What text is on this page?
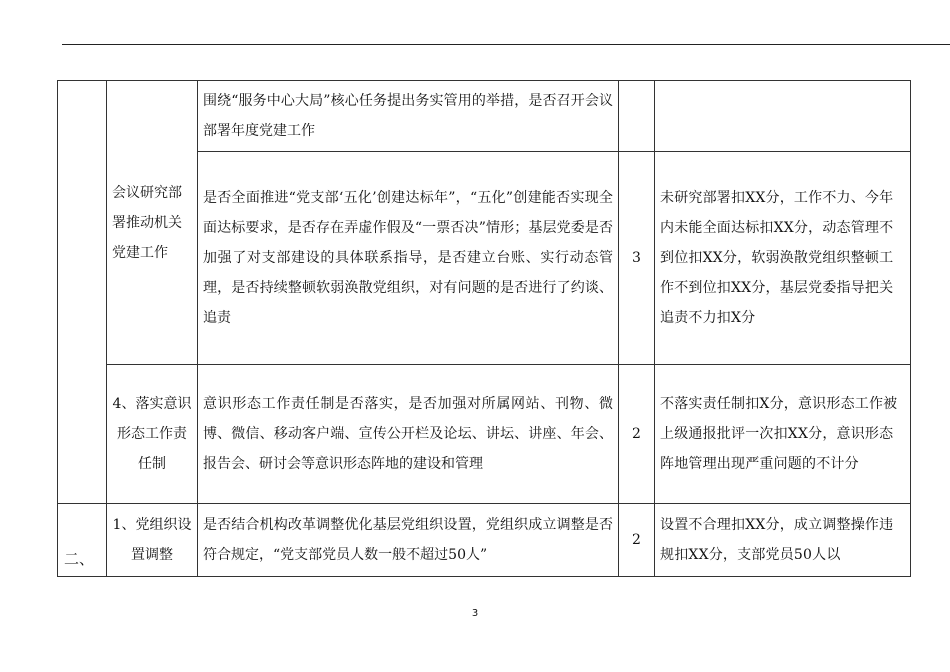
	会议研究部署推动机关党建工作	围绕“服务中心大局”核心任务提出务实管用的举措，是否召开会议部署年度党建工作		

		是否全面推进“党支部‘五化’创建达标年”，“五化”创建能否实现全面达标要求，是否存在弄虚作假及“一票否决”情形；基层党委是否加强了对支部建设的具体联系指导，是否建立台账、实行动态管理，是否持续整顿软弱涣散党组织，对有问题的是否进行了约谈、追责	3	未研究部署扣XX分，工作不力、今年内未能全面达标扣XX分，动态管理不到位扣XX分，软弱涣散党组织整顿工作不到位扣XX分，基层党委指导把关追责不力扣X分

	4、落实意识形态工作责任制	意识形态工作责任制是否落实，是否加强对所属网站、刊物、微博、微信、移动客户端、宣传公开栏及论坛、讲坛、讲座、年会、报告会、研讨会等意识形态阵地的建设和管理	2	不落实责任制扣X分，意识形态工作被上级通报批评一次扣XX分，意识形态阵地管理出现严重问题的不计分

二、	1、党组织设置调整	是否结合机构改革调整优化基层党组织设置，党组织成立调整是否符合规定，“党支部党员人数一般不超过50人”	2	设置不合理扣XX分，成立调整操作违规扣XX分，支部党员50人以
3
